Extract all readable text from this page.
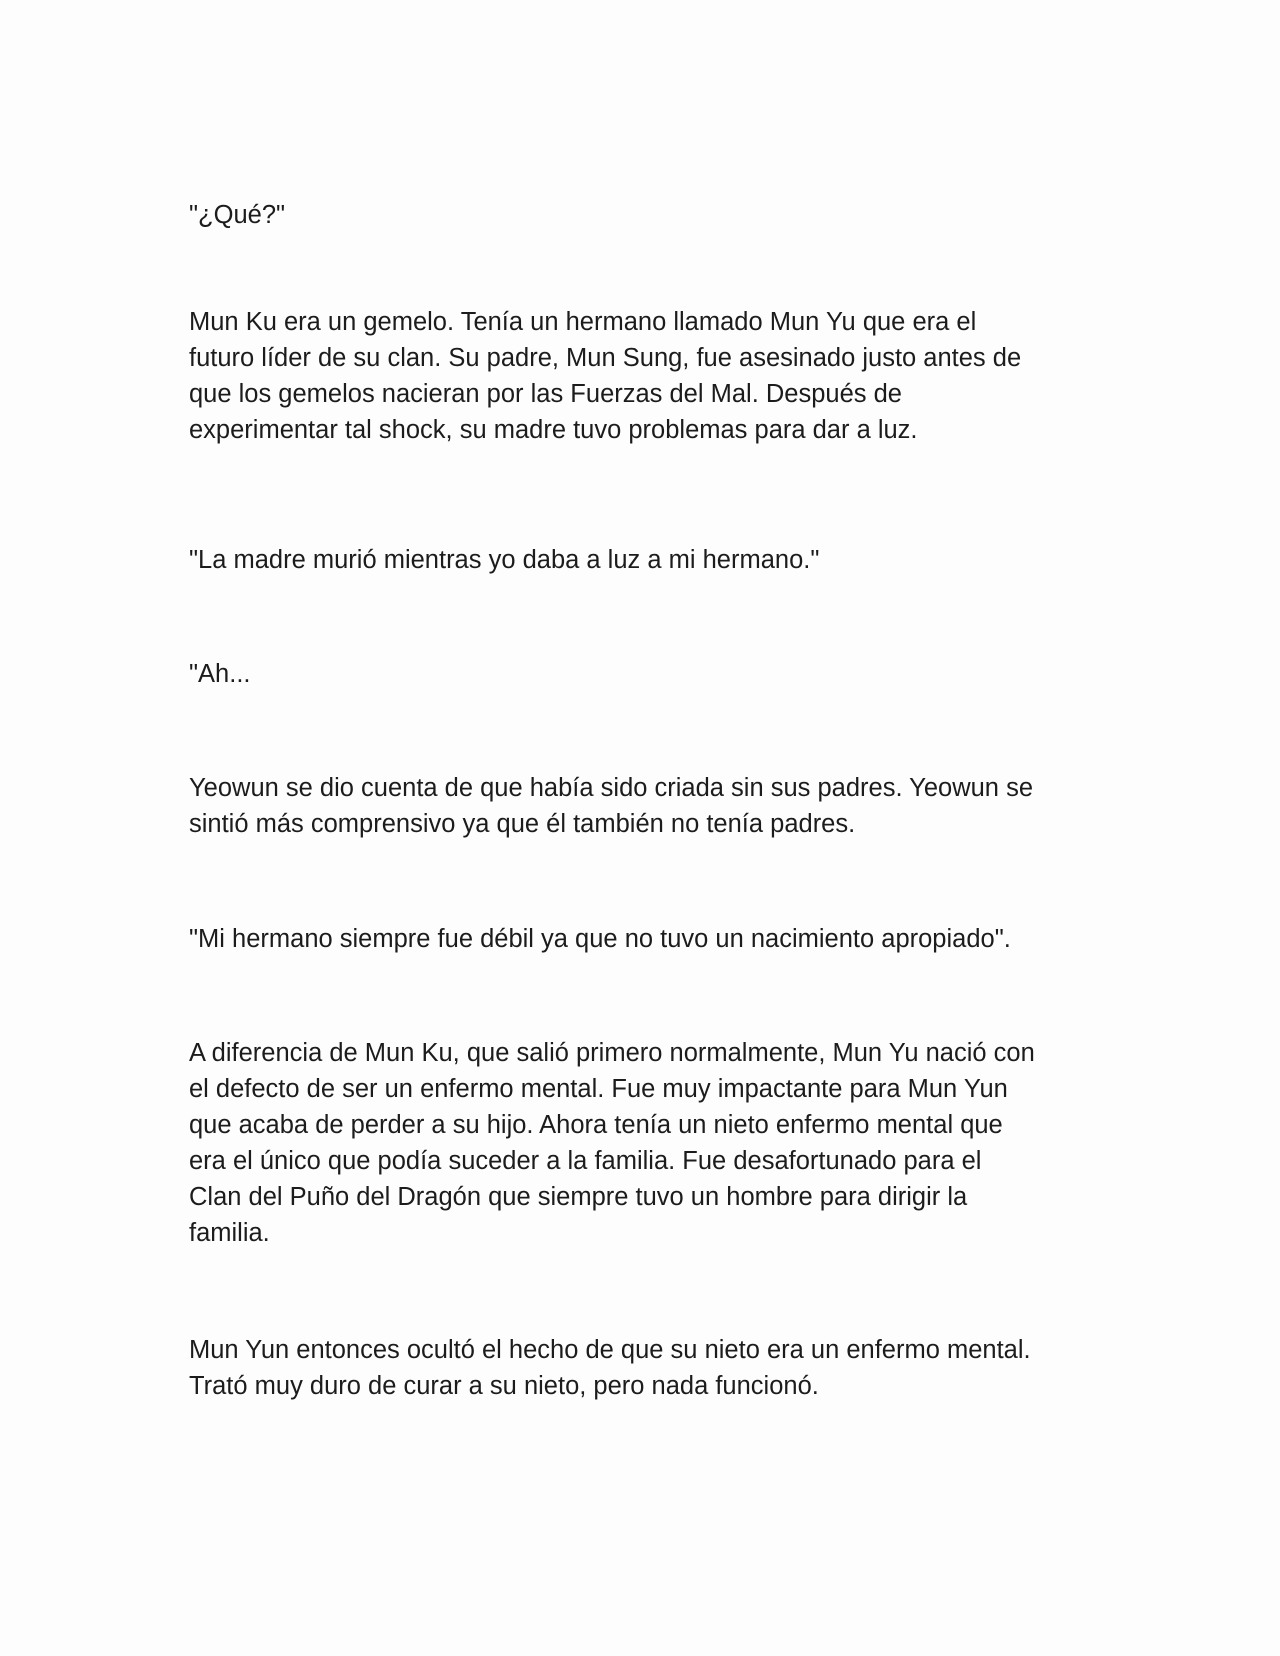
"¿Qué?"

Mun Ku era un gemelo. Tenía un hermano llamado Mun Yu que era el
futuro líder de su clan. Su padre, Mun Sung, fue asesinado justo antes de
que los gemelos nacieran por las Fuerzas del Mal. Después de
experimentar tal shock, su madre tuvo problemas para dar a luz.

"La madre murió mientras yo daba a luz a mi hermano."

"Ah...

Yeowun se dio cuenta de que había sido criada sin sus padres. Yeowun se
sintió más comprensivo ya que él también no tenía padres.

"Mi hermano siempre fue débil ya que no tuvo un nacimiento apropiado".

A diferencia de Mun Ku, que salió primero normalmente, Mun Yu nació con
el defecto de ser un enfermo mental. Fue muy impactante para Mun Yun
que acaba de perder a su hijo. Ahora tenía un nieto enfermo mental que
era el único que podía suceder a la familia. Fue desafortunado para el
Clan del Puño del Dragón que siempre tuvo un hombre para dirigir la
familia.

Mun Yun entonces ocultó el hecho de que su nieto era un enfermo mental.
Trató muy duro de curar a su nieto, pero nada funcionó.
